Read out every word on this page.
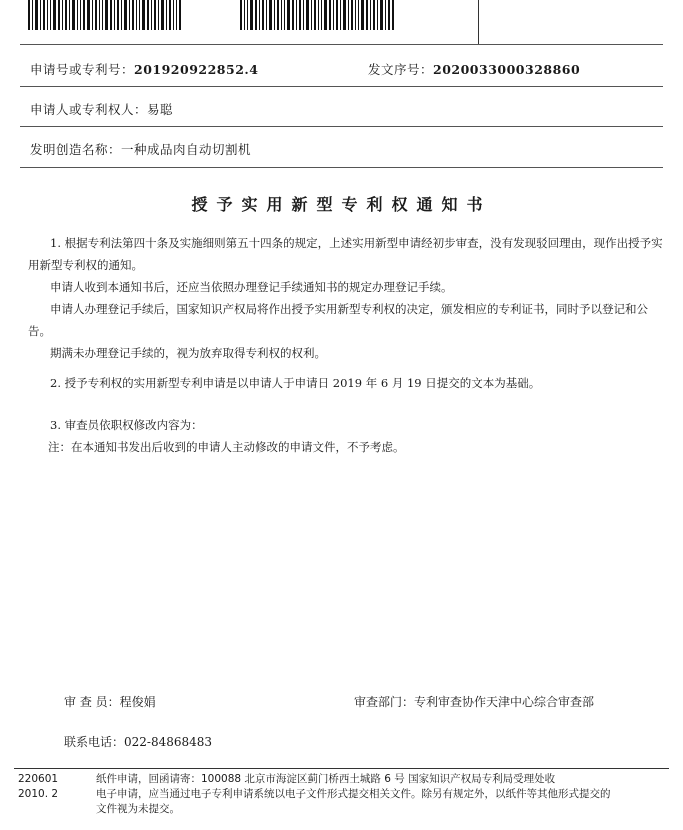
申请号或专利号：201920922852.4	发文序号：2020033000328860
申请人或专利权人：易聪
发明创造名称：一种成品肉自动切割机
授予实用新型专利权通知书

1. 根据专利法第四十条及实施细则第五十四条的规定，上述实用新型申请经初步审查，没有发现驳回理由，现作出授予实用新型专利权的通知。

申请人收到本通知书后，还应当依照办理登记手续通知书的规定办理登记手续。

申请人办理登记手续后，国家知识产权局将作出授予实用新型专利权的决定，颁发相应的专利证书，同时予以登记和公告。

期满未办理登记手续的，视为放弃取得专利权的权利。

2. 授予专利权的实用新型专利申请是以申请人于申请日 2019 年 6 月 19 日提交的文本为基础。

3. 审查员依职权修改内容为：

注：在本通知书发出后收到的申请人主动修改的申请文件，不予考虑。

审 查 员：程俊娟	审查部门：专利审查协作天津中心综合审查部
联系电话：022-84868483
220601
2010. 2
纸件申请，回函请寄：100088 北京市海淀区蓟门桥西土城路 6 号 国家知识产权局专利局受理处收
电子申请，应当通过电子专利申请系统以电子文件形式提交相关文件。除另有规定外，以纸件等其他形式提交的
文件视为未提交。
